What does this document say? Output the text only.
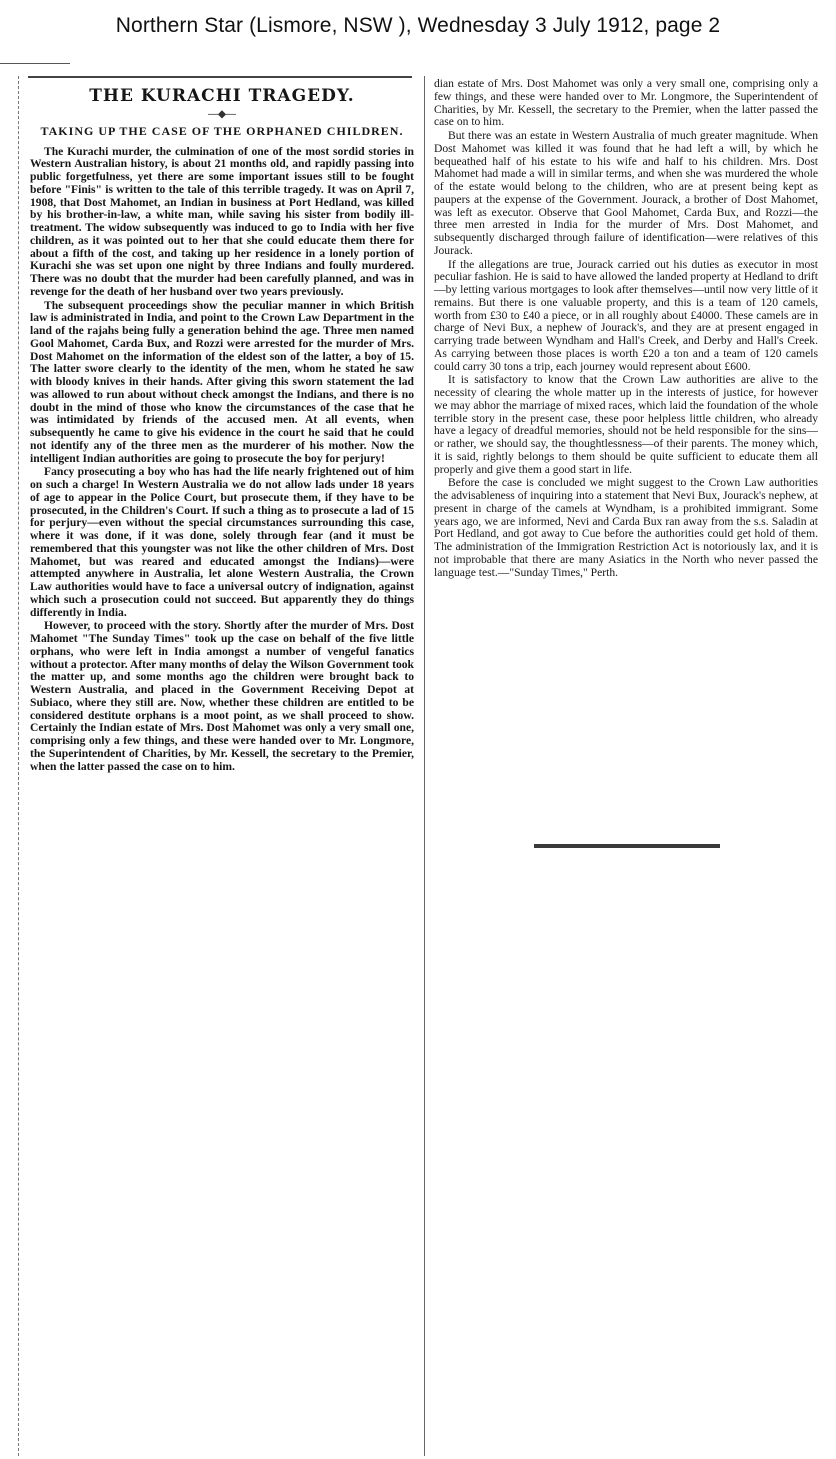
Northern Star (Lismore, NSW ), Wednesday 3 July 1912, page 2
THE KURACHI TRAGEDY.
—◆—
TAKING UP THE CASE OF THE ORPHANED CHILDREN.

The Kurachi murder, the culmination of one of the most sordid stories in Western Australian history, is about 21 months old, and rapidly passing into public forgetfulness, yet there are some important issues still to be fought before "Finis" is written to the tale of this terrible tragedy. It was on April 7, 1908, that Dost Mahomet, an Indian in business at Port Hedland, was killed by his brother-in-law, a white man, while saving his sister from bodily ill-treatment. The widow subsequently was induced to go to India with her five children, as it was pointed out to her that she could educate them there for about a fifth of the cost, and taking up her residence in a lonely portion of Kurachi she was set upon one night by three Indians and foully murdered. There was no doubt that the murder had been carefully planned, and was in revenge for the death of her husband over two years previously.

The subsequent proceedings show the peculiar manner in which British law is administrated in India, and point to the Crown Law Department in the land of the rajahs being fully a generation behind the age. Three men named Gool Mahomet, Carda Bux, and Rozzi were arrested for the murder of Mrs. Dost Mahomet on the information of the eldest son of the latter, a boy of 15. The latter swore clearly to the identity of the men, whom he stated he saw with bloody knives in their hands. After giving this sworn statement the lad was allowed to run about without check amongst the Indians, and there is no doubt in the mind of those who know the circumstances of the case that he was intimidated by friends of the accused men. At all events, when subsequently he came to give his evidence in the court he said that he could not identify any of the three men as the murderer of his mother. Now the intelligent Indian authorities are going to prosecute the boy for perjury!

Fancy prosecuting a boy who has had the life nearly frightened out of him on such a charge! In Western Australia we do not allow lads under 18 years of age to appear in the Police Court, but prosecute them, if they have to be prosecuted, in the Children's Court. If such a thing as to prosecute a lad of 15 for perjury—even without the special circumstances surrounding this case, where it was done, if it was done, solely through fear (and it must be remembered that this youngster was not like the other children of Mrs. Dost Mahomet, but was reared and educated amongst the Indians)—were attempted anywhere in Australia, let alone Western Australia, the Crown Law authorities would have to face a universal outcry of indignation, against which such a prosecution could not succeed. But apparently they do things differently in India.

However, to proceed with the story. Shortly after the murder of Mrs. Dost Mahomet "The Sunday Times" took up the case on behalf of the five little orphans, who were left in India amongst a number of vengeful fanatics without a protector. After many months of delay the Wilson Government took the matter up, and some months ago the children were brought back to Western Australia, and placed in the Government Receiving Depot at Subiaco, where they still are. Now, whether these children are entitled to be considered destitute orphans is a moot point, as we shall proceed to show. Certainly the Indian estate of Mrs. Dost Mahomet was only a very small one, comprising only a few things, and these were handed over to Mr. Longmore, the Superintendent of Charities, by Mr. Kessell, the secretary to the Premier, when the latter passed the case on to him.

dian estate of Mrs. Dost Mahomet was only a very small one, comprising only a few things, and these were handed over to Mr. Longmore, the Superintendent of Charities, by Mr. Kessell, the secretary to the Premier, when the latter passed the case on to him.

But there was an estate in Western Australia of much greater magnitude. When Dost Mahomet was killed it was found that he had left a will, by which he bequeathed half of his estate to his wife and half to his children. Mrs. Dost Mahomet had made a will in similar terms, and when she was murdered the whole of the estate would belong to the children, who are at present being kept as paupers at the expense of the Government. Jourack, a brother of Dost Mahomet, was left as executor. Observe that Gool Mahomet, Carda Bux, and Rozzi—the three men arrested in India for the murder of Mrs. Dost Mahomet, and subsequently discharged through failure of identification—were relatives of this Jourack.

If the allegations are true, Jourack carried out his duties as executor in most peculiar fashion. He is said to have allowed the landed property at Hedland to drift—by letting various mortgages to look after themselves—until now very little of it remains. But there is one valuable property, and this is a team of 120 camels, worth from £30 to £40 a piece, or in all roughly about £4000. These camels are in charge of Nevi Bux, a nephew of Jourack's, and they are at present engaged in carrying trade between Wyndham and Hall's Creek, and Derby and Hall's Creek. As carrying between those places is worth £20 a ton and a team of 120 camels could carry 30 tons a trip, each journey would represent about £600.

It is satisfactory to know that the Crown Law authorities are alive to the necessity of clearing the whole matter up in the interests of justice, for however we may abhor the marriage of mixed races, which laid the foundation of the whole terrible story in the present case, these poor helpless little children, who already have a legacy of dreadful memories, should not be held responsible for the sins—or rather, we should say, the thoughtlessness—of their parents. The money which, it is said, rightly belongs to them should be quite sufficient to educate them all properly and give them a good start in life.

Before the case is concluded we might suggest to the Crown Law authorities the advisableness of inquiring into a statement that Nevi Bux, Jourack's nephew, at present in charge of the camels at Wyndham, is a prohibited immigrant. Some years ago, we are informed, Nevi and Carda Bux ran away from the s.s. Saladin at Port Hedland, and got away to Cue before the authorities could get hold of them. The administration of the Immigration Restriction Act is notoriously lax, and it is not improbable that there are many Asiatics in the North who never passed the language test.—"Sunday Times," Perth.
